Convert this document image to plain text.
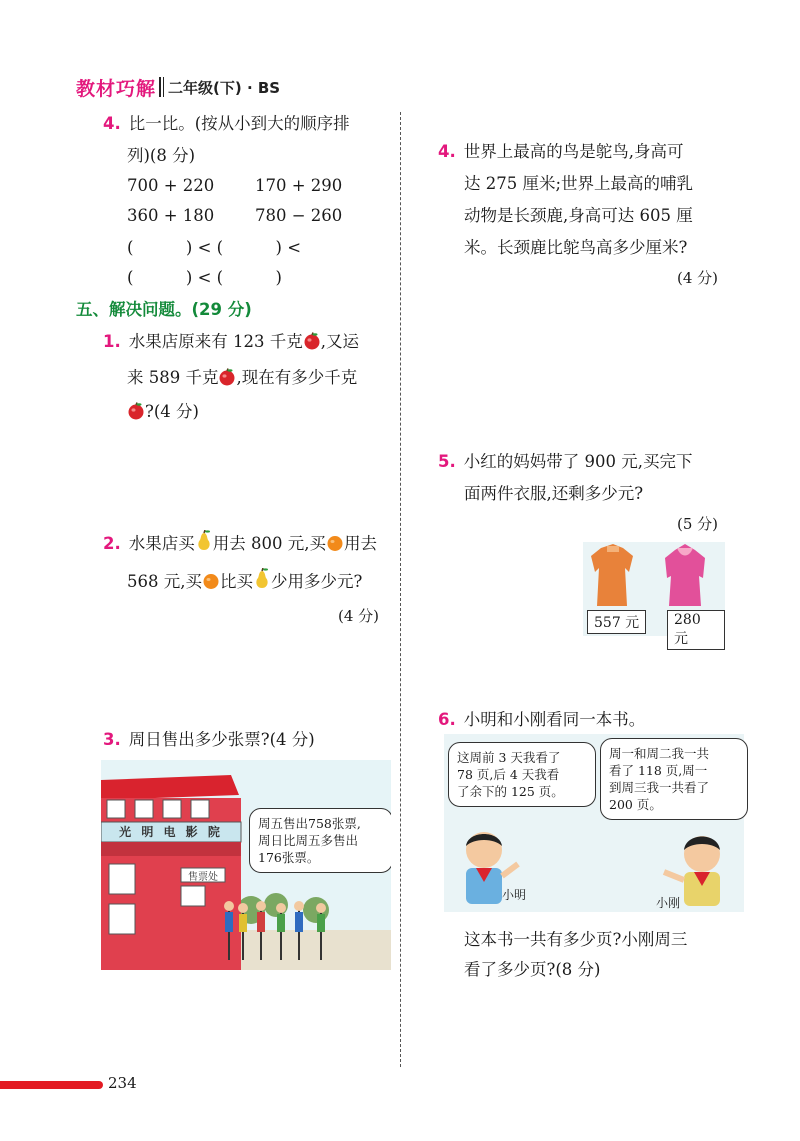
教材巧解 二年级(下) · BS
4. 比一比。(按从小到大的顺序排
列)(8 分)
700 + 220 170 + 290
360 + 180 780 − 260
(          ) < (          ) <
(          ) < (          )
五、解决问题。(29 分)
1. 水果店原来有 123 千克 ,又运
来 589 千克 ,现在有多少千克
?(4 分)
2. 水果店买 用去 800 元,买 用去
568 元,买 比买 少用多少元?
(4 分)
3. 周日售出多少张票?(4 分)
光 明 电 影 院
售票处
周五售出758张票,
周日比周五多售出
176张票。
4. 世界上最高的鸟是鸵鸟,身高可
达 275 厘米;世界上最高的哺乳
动物是长颈鹿,身高可达 605 厘
米。长颈鹿比鸵鸟高多少厘米?
(4 分)
5. 小红的妈妈带了 900 元,买完下
面两件衣服,还剩多少元?
(5 分)
557 元	280 元
6. 小明和小刚看同一本书。
这周前 3 天我看了
78 页,后 4 天我看
了余下的 125 页。
周一和周二我一共
看了 118 页,周一
到周三我一共看了
200 页。
小明
小刚
这本书一共有多少页?小刚周三
看了多少页?(8 分)
234
